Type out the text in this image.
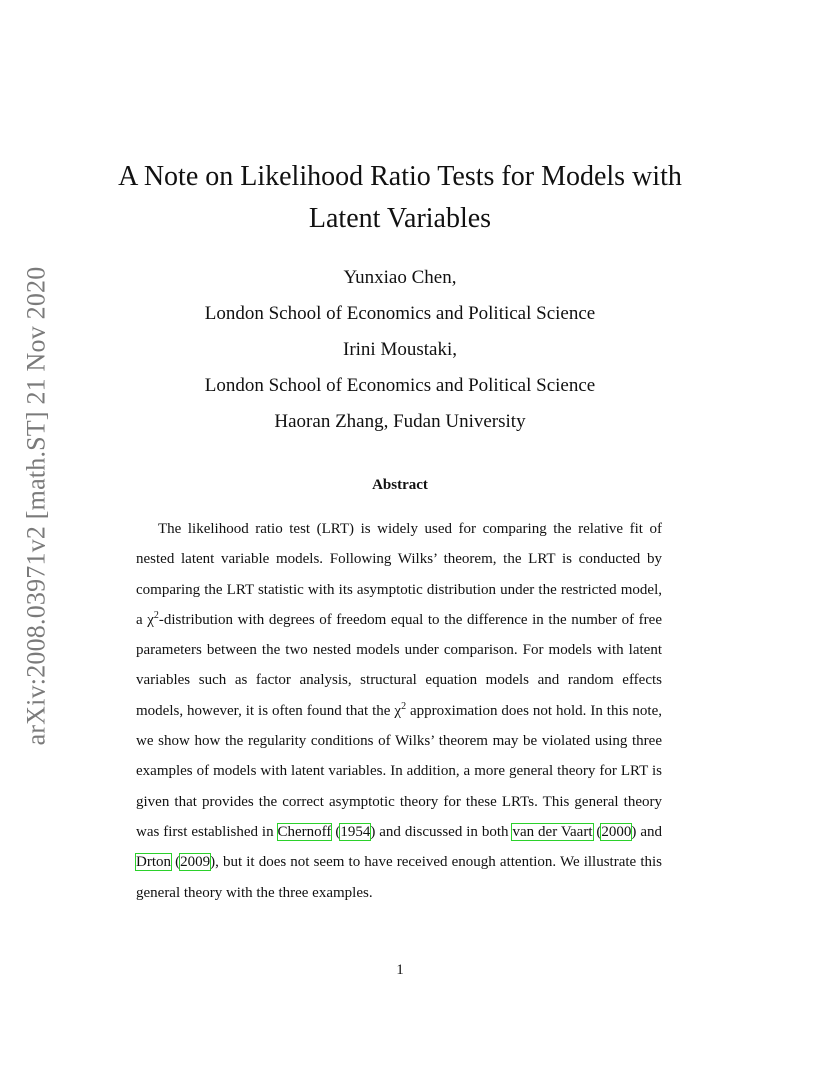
arXiv:2008.03971v2 [math.ST] 21 Nov 2020
A Note on Likelihood Ratio Tests for Models with
Latent Variables
Yunxiao Chen,
London School of Economics and Political Science
Irini Moustaki,
London School of Economics and Political Science
Haoran Zhang, Fudan University
Abstract

The likelihood ratio test (LRT) is widely used for comparing the relative fit of nested latent variable models. Following Wilks’ theorem, the LRT is conducted by comparing the LRT statistic with its asymptotic distribution under the restricted model, a $\chi^2$-distribution with degrees of freedom equal to the difference in the number of free parameters between the two nested models under comparison. For models with latent variables such as factor analysis, structural equation models and random effects models, however, it is often found that the $\chi^2$ approximation does not hold. In this note, we show how the regularity conditions of Wilks’ theorem may be violated using three examples of models with latent variables. In addition, a more general theory for LRT is given that provides the correct asymptotic theory for these LRTs. This general theory was first established in Chernoff (1954) and discussed in both van der Vaart (2000) and Drton (2009), but it does not seem to have received enough attention. We illustrate this general theory with the three examples.

1
